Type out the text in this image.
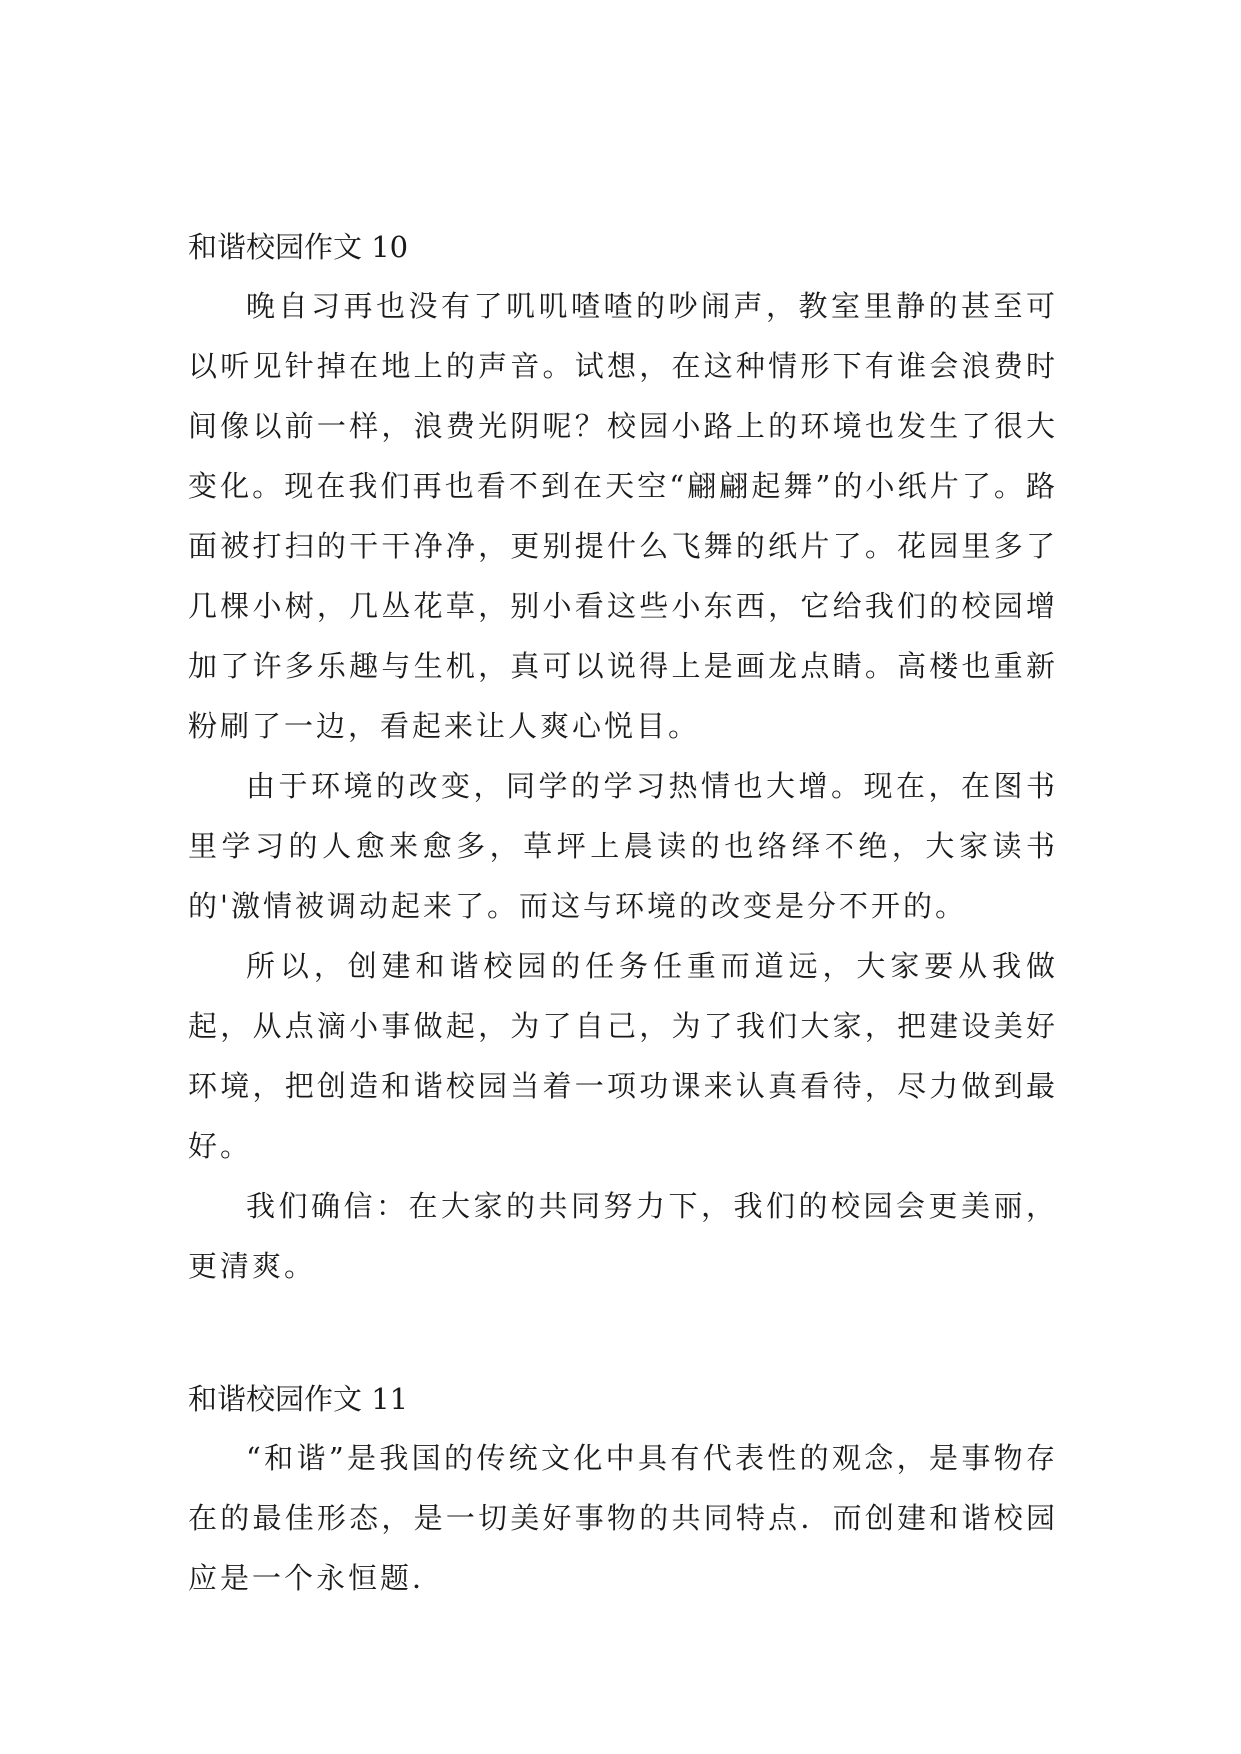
和谐校园作文 10

晚自习再也没有了叽叽喳喳的吵闹声，教室里静的甚至可以听见针掉在地上的声音。试想，在这种情形下有谁会浪费时间像以前一样，浪费光阴呢？校园小路上的环境也发生了很大变化。现在我们再也看不到在天空“翩翩起舞”的小纸片了。路面被打扫的干干净净，更别提什么飞舞的纸片了。花园里多了几棵小树，几丛花草，别小看这些小东西，它给我们的校园增加了许多乐趣与生机，真可以说得上是画龙点睛。高楼也重新粉刷了一边，看起来让人爽心悦目。

由于环境的改变，同学的学习热情也大增。现在，在图书里学习的人愈来愈多，草坪上晨读的也络绎不绝，大家读书的'激情被调动起来了。而这与环境的改变是分不开的。

所以，创建和谐校园的任务任重而道远，大家要从我做起，从点滴小事做起，为了自己，为了我们大家，把建设美好环境，把创造和谐校园当着一项功课来认真看待，尽力做到最好。

我们确信：在大家的共同努力下，我们的校园会更美丽，更清爽。

和谐校园作文 11

“和谐”是我国的传统文化中具有代表性的观念，是事物存在的最佳形态，是一切美好事物的共同特点．而创建和谐校园应是一个永恒题．
